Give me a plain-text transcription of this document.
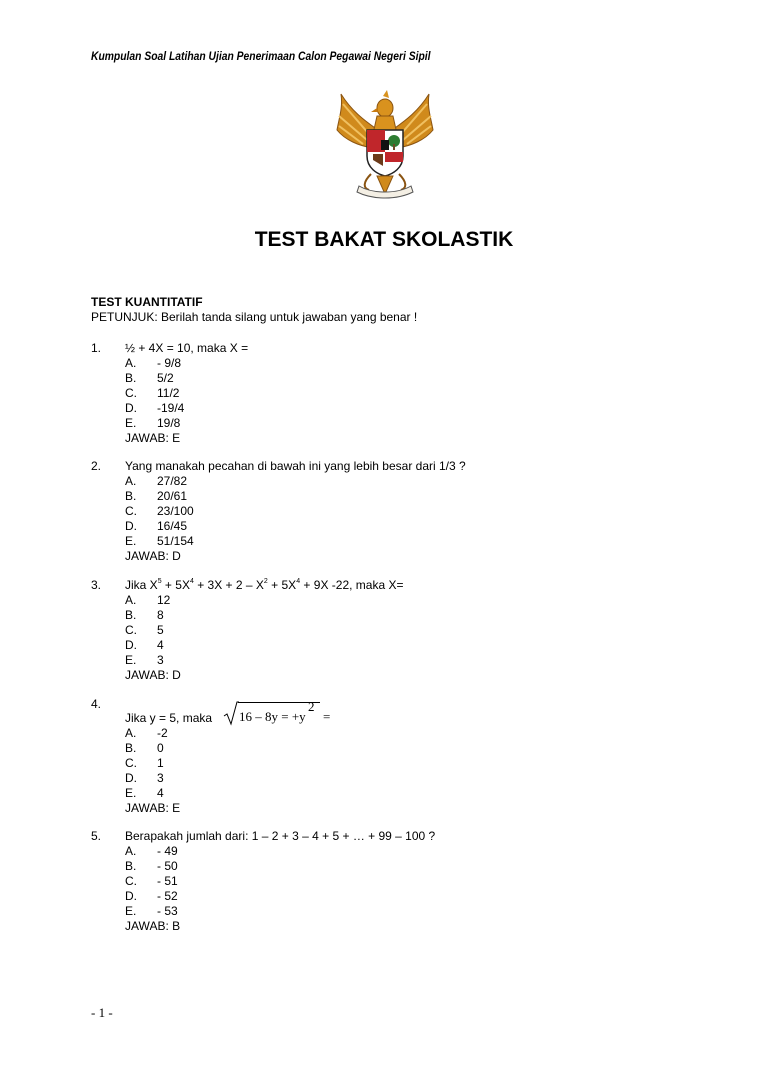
Kumpulan Soal Latihan Ujian Penerimaan Calon Pegawai Negeri Sipil
TEST BAKAT SKOLASTIK
TEST KUANTITATIF
PETUNJUK: Berilah tanda silang untuk jawaban yang benar !
1. ½ + 4X = 10, maka X =
A. - 9/8
B. 5/2
C. 11/2
D. -19/4
E. 19/8
JAWAB: E
2. Yang manakah pecahan di bawah ini yang lebih besar dari 1/3 ?
A. 27/82
B. 20/61
C. 23/100
D. 16/45
E. 51/154
JAWAB: D
3. Jika $X^5 + 5X^4 + 3X + 2 - X^2 + 5X^4 + 9X$ -22, maka X=
A. 12
B. 8
C. 5
D. 4
E. 3
JAWAB: D
4.
Jika y = 5, maka 16 – 8y = +y
2
=
A. -2
B. 0
C. 1
D. 3
E. 4
JAWAB: E
5. Berapakah jumlah dari: 1 – 2 + 3 – 4 + 5 + … + 99 – 100 ?
A. - 49
B. - 50
C. - 51
D. - 52
E. - 53
JAWAB: B
- 1 -
